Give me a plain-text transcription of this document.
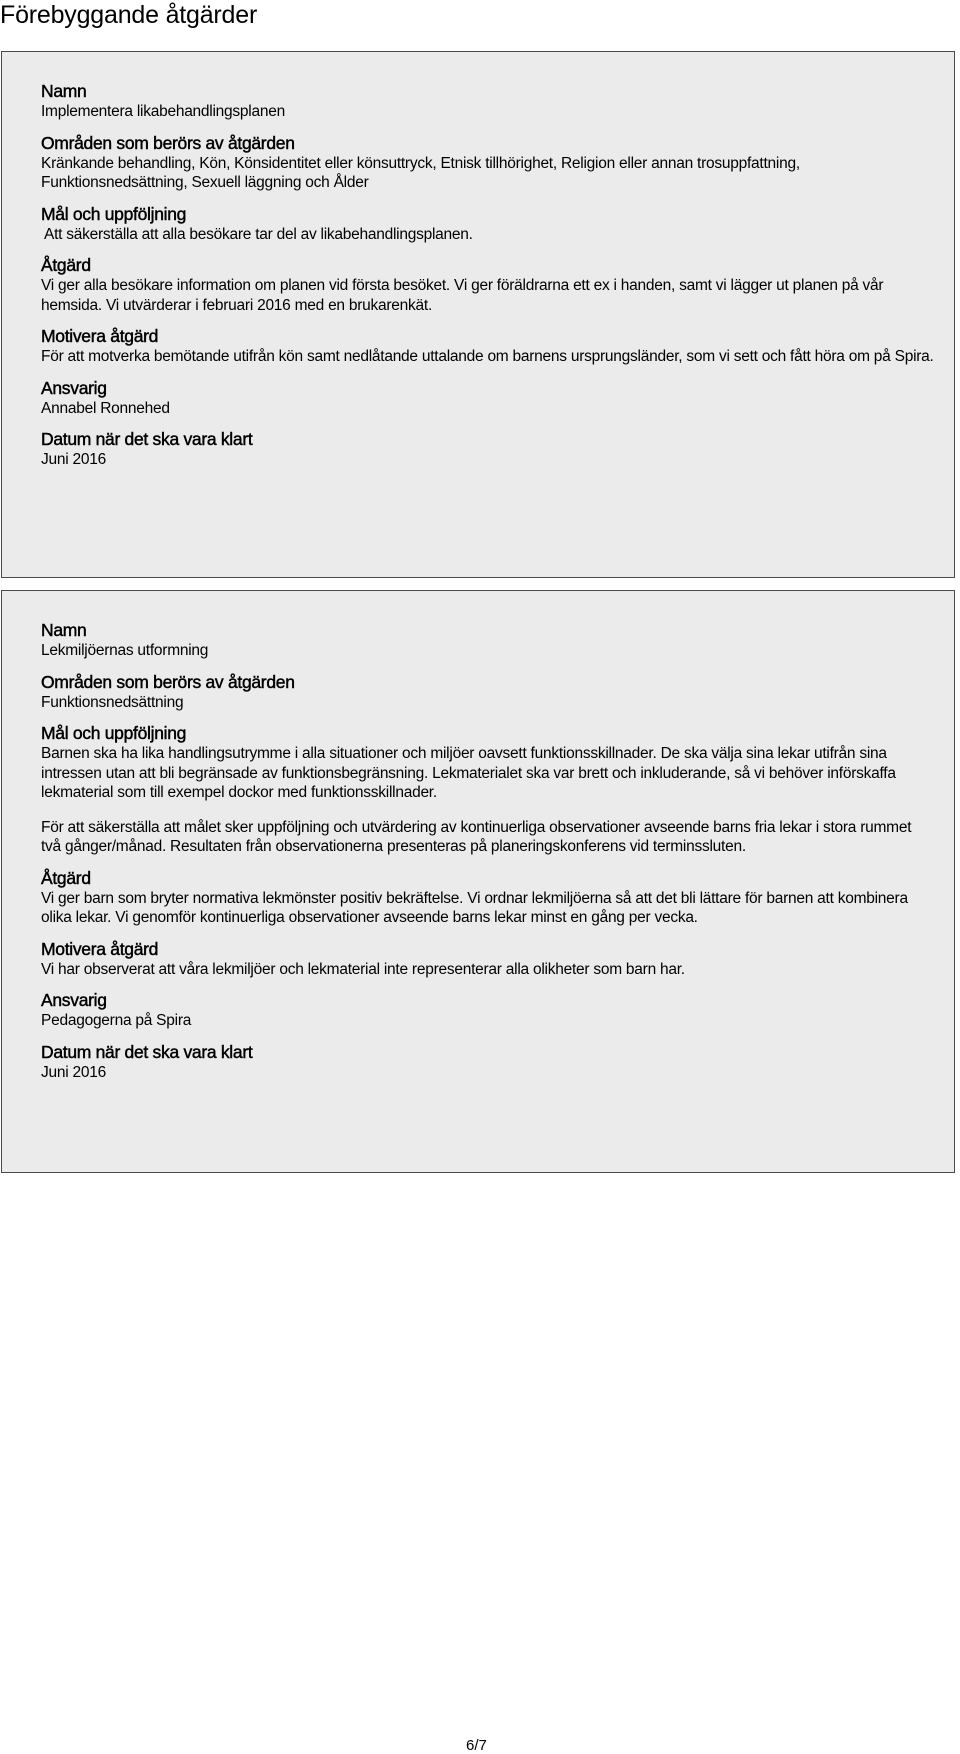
Förebyggande åtgärder
Namn
Implementera likabehandlingsplanen
Områden som berörs av åtgärden
Kränkande behandling, Kön, Könsidentitet eller könsuttryck, Etnisk tillhörighet, Religion eller annan trosuppfattning, Funktionsnedsättning, Sexuell läggning och Ålder
Mål och uppföljning

Att säkerställa att alla besökare tar del av likabehandlingsplanen.

Åtgärd
Vi ger alla besökare information om planen vid första besöket. Vi ger föräldrarna ett ex i handen, samt vi lägger ut planen på vår hemsida. Vi utvärderar i februari 2016 med en brukarenkät.
Motivera åtgärd
För att motverka bemötande utifrån kön samt nedlåtande uttalande om barnens ursprungsländer, som vi sett och fått höra om på Spira.
Ansvarig
Annabel Ronnehed
Datum när det ska vara klart
Juni 2016
Namn
Lekmiljöernas utformning
Områden som berörs av åtgärden
Funktionsnedsättning
Mål och uppföljning

Barnen ska ha lika handlingsutrymme i alla situationer och miljöer oavsett funktionsskillnader. De ska välja sina lekar utifrån sina intressen utan att bli begränsade av funktionsbegränsning. Lekmaterialet ska var brett och inkluderande, så vi behöver införskaffa lekmaterial som till exempel dockor med funktionsskillnader.

För att säkerställa att målet sker uppföljning och utvärdering av kontinuerliga observationer avseende barns fria lekar i stora rummet två gånger/månad. Resultaten från observationerna presenteras på planeringskonferens vid terminssluten.

Åtgärd
Vi ger barn som bryter normativa lekmönster positiv bekräftelse. Vi ordnar lekmiljöerna så att det bli lättare för barnen att kombinera olika lekar. Vi genomför kontinuerliga observationer avseende barns lekar minst en gång per vecka.
Motivera åtgärd
Vi har observerat att våra lekmiljöer och lekmaterial inte representerar alla olikheter som barn har.
Ansvarig
Pedagogerna på Spira
Datum när det ska vara klart
Juni 2016
6/7
